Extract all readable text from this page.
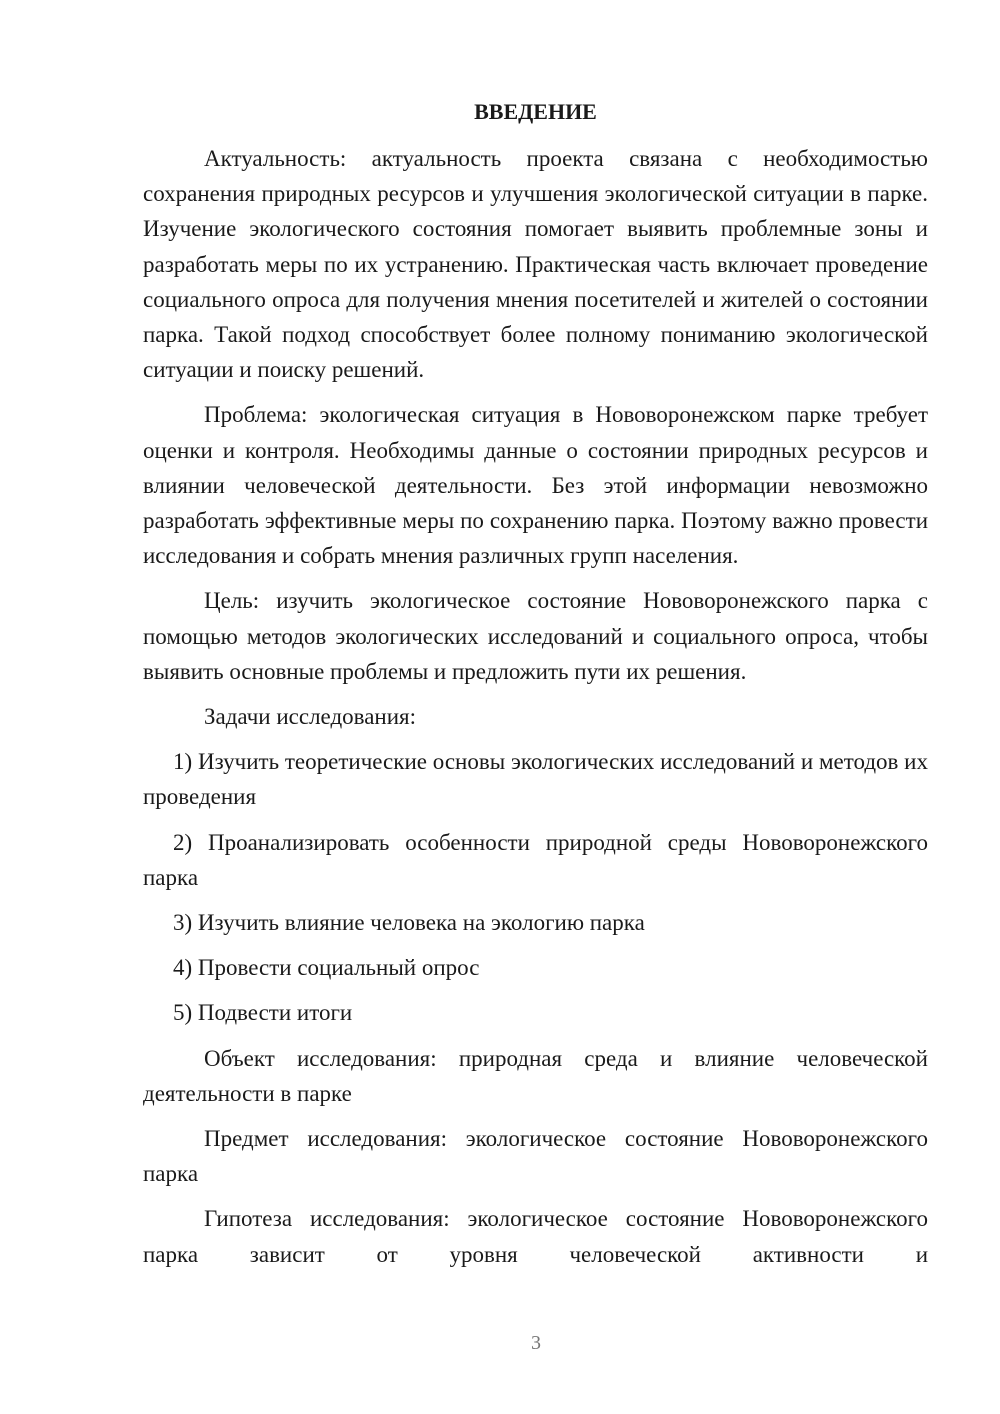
ВВЕДЕНИЕ

Актуальность: актуальность проекта связана с необходимостью сохранения природных ресурсов и улучшения экологической ситуации в парке. Изучение экологического состояния помогает выявить проблемные зоны и разработать меры по их устранению. Практическая часть включает проведение социального опроса для получения мнения посетителей и жителей о состоянии парка. Такой подход способствует более полному пониманию экологической ситуации и поиску решений.

Проблема: экологическая ситуация в Нововоронежском парке требует оценки и контроля. Необходимы данные о состоянии природных ресурсов и влиянии человеческой деятельности. Без этой информации невозможно разработать эффективные меры по сохранению парка. Поэтому важно провести исследования и собрать мнения различных групп населения.

Цель: изучить экологическое состояние Нововоронежского парка с помощью методов экологических исследований и социального опроса, чтобы выявить основные проблемы и предложить пути их решения.

Задачи исследования:

1) Изучить теоретические основы экологических исследований и методов их проведения

2) Проанализировать особенности природной среды Нововоронежского парка

3) Изучить влияние человека на экологию парка

4) Провести социальный опрос

5) Подвести итоги

Объект исследования: природная среда и влияние человеческой деятельности в парке

Предмет исследования: экологическое состояние Нововоронежского парка

Гипотеза исследования: экологическое состояние Нововоронежского парка зависит от уровня человеческой активности и

3
